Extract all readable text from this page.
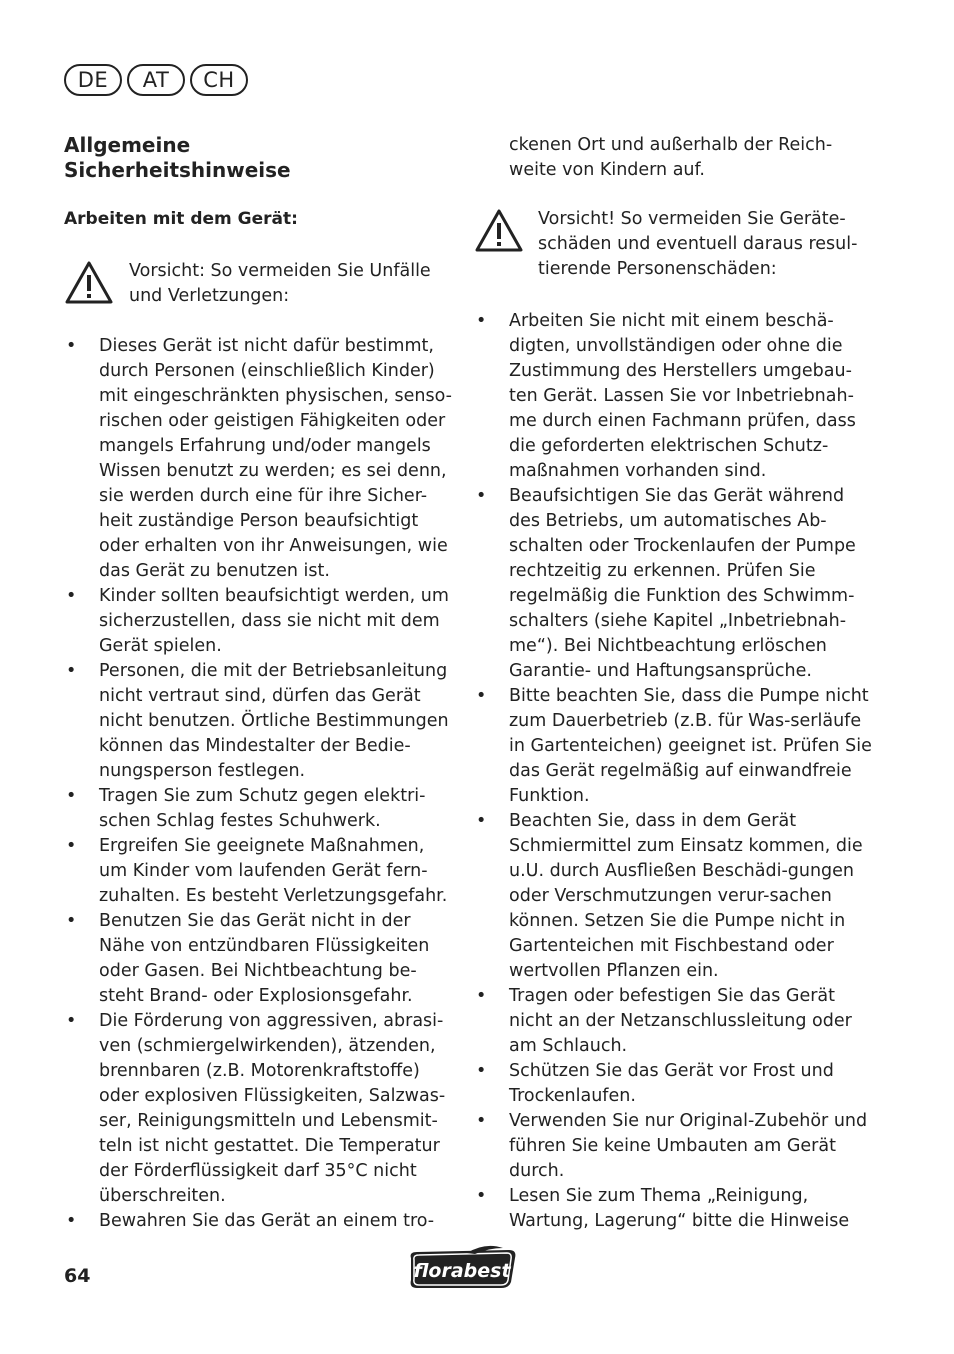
DE	AT	CH
Allgemeine
Sicherheitshinweise
Arbeiten mit dem Gerät:
Vorsicht: So vermeiden Sie Unfälle und Verletzungen:
• Dieses Gerät ist nicht dafür bestimmt, durch Personen (einschließlich Kinder) mit eingeschränkten physischen, senso-rischen oder geistigen Fähigkeiten oder mangels Erfahrung und/oder mangels Wissen benutzt zu werden; es sei denn, sie werden durch eine für ihre Sicher-heit zuständige Person beaufsichtigt oder erhalten von ihr Anweisungen, wie das Gerät zu benutzen ist.
• Kinder sollten beaufsichtigt werden, um sicherzustellen, dass sie nicht mit dem Gerät spielen.
• Personen, die mit der Betriebsanleitung nicht vertraut sind, dürfen das Gerät nicht benutzen. Örtliche Bestimmungen können das Mindestalter der Bedie-nungsperson festlegen.
• Tragen Sie zum Schutz gegen elektri-schen Schlag festes Schuhwerk.
• Ergreifen Sie geeignete Maßnahmen, um Kinder vom laufenden Gerät fern-zuhalten. Es besteht Verletzungsgefahr.
• Benutzen Sie das Gerät nicht in der Nähe von entzündbaren Flüssigkeiten oder Gasen. Bei Nichtbeachtung be-steht Brand- oder Explosionsgefahr.
• Die Förderung von aggressiven, abrasi-ven (schmiergelwirkenden), ätzenden, brennbaren (z.B. Motorenkraftstoffe) oder explosiven Flüssigkeiten, Salzwas-ser, Reinigungsmitteln und Lebensmit-teln ist nicht gestattet. Die Temperatur der Förderflüssigkeit darf 35°C nicht überschreiten.
• Bewahren Sie das Gerät an einem tro-
ckenen Ort und außerhalb der Reich-weite von Kindern auf.
Vorsicht! So vermeiden Sie Geräte-schäden und eventuell daraus resul-tierende Personenschäden:
• Arbeiten Sie nicht mit einem beschä-digten, unvollständigen oder ohne die Zustimmung des Herstellers umgebau-ten Gerät. Lassen Sie vor Inbetriebnah-me durch einen Fachmann prüfen, dass die geforderten elektrischen Schutz-maßnahmen vorhanden sind.
• Beaufsichtigen Sie das Gerät während des Betriebs, um automatisches Ab-schalten oder Trockenlaufen der Pumpe rechtzeitig zu erkennen. Prüfen Sie regelmäßig die Funktion des Schwimm-schalters (siehe Kapitel „Inbetriebnah-me“). Bei Nichtbeachtung erlöschen Garantie- und Haftungsansprüche.
• Bitte beachten Sie, dass die Pumpe nicht zum Dauerbetrieb (z.B. für Was-serläufe in Gartenteichen) geeignet ist. Prüfen Sie das Gerät regelmäßig auf einwandfreie Funktion.
• Beachten Sie, dass in dem Gerät Schmiermittel zum Einsatz kommen, die u.U. durch Ausfließen Beschädi-gungen oder Verschmutzungen verur-sachen können. Setzen Sie die Pumpe nicht in Gartenteichen mit Fischbestand oder wertvollen Pflanzen ein.
• Tragen oder befestigen Sie das Gerät nicht an der Netzanschlussleitung oder am Schlauch.
• Schützen Sie das Gerät vor Frost und Trockenlaufen.
• Verwenden Sie nur Original-Zubehör und führen Sie keine Umbauten am Gerät durch.
• Lesen Sie zum Thema „Reinigung, Wartung, Lagerung“ bitte die Hinweise
64	florabest
